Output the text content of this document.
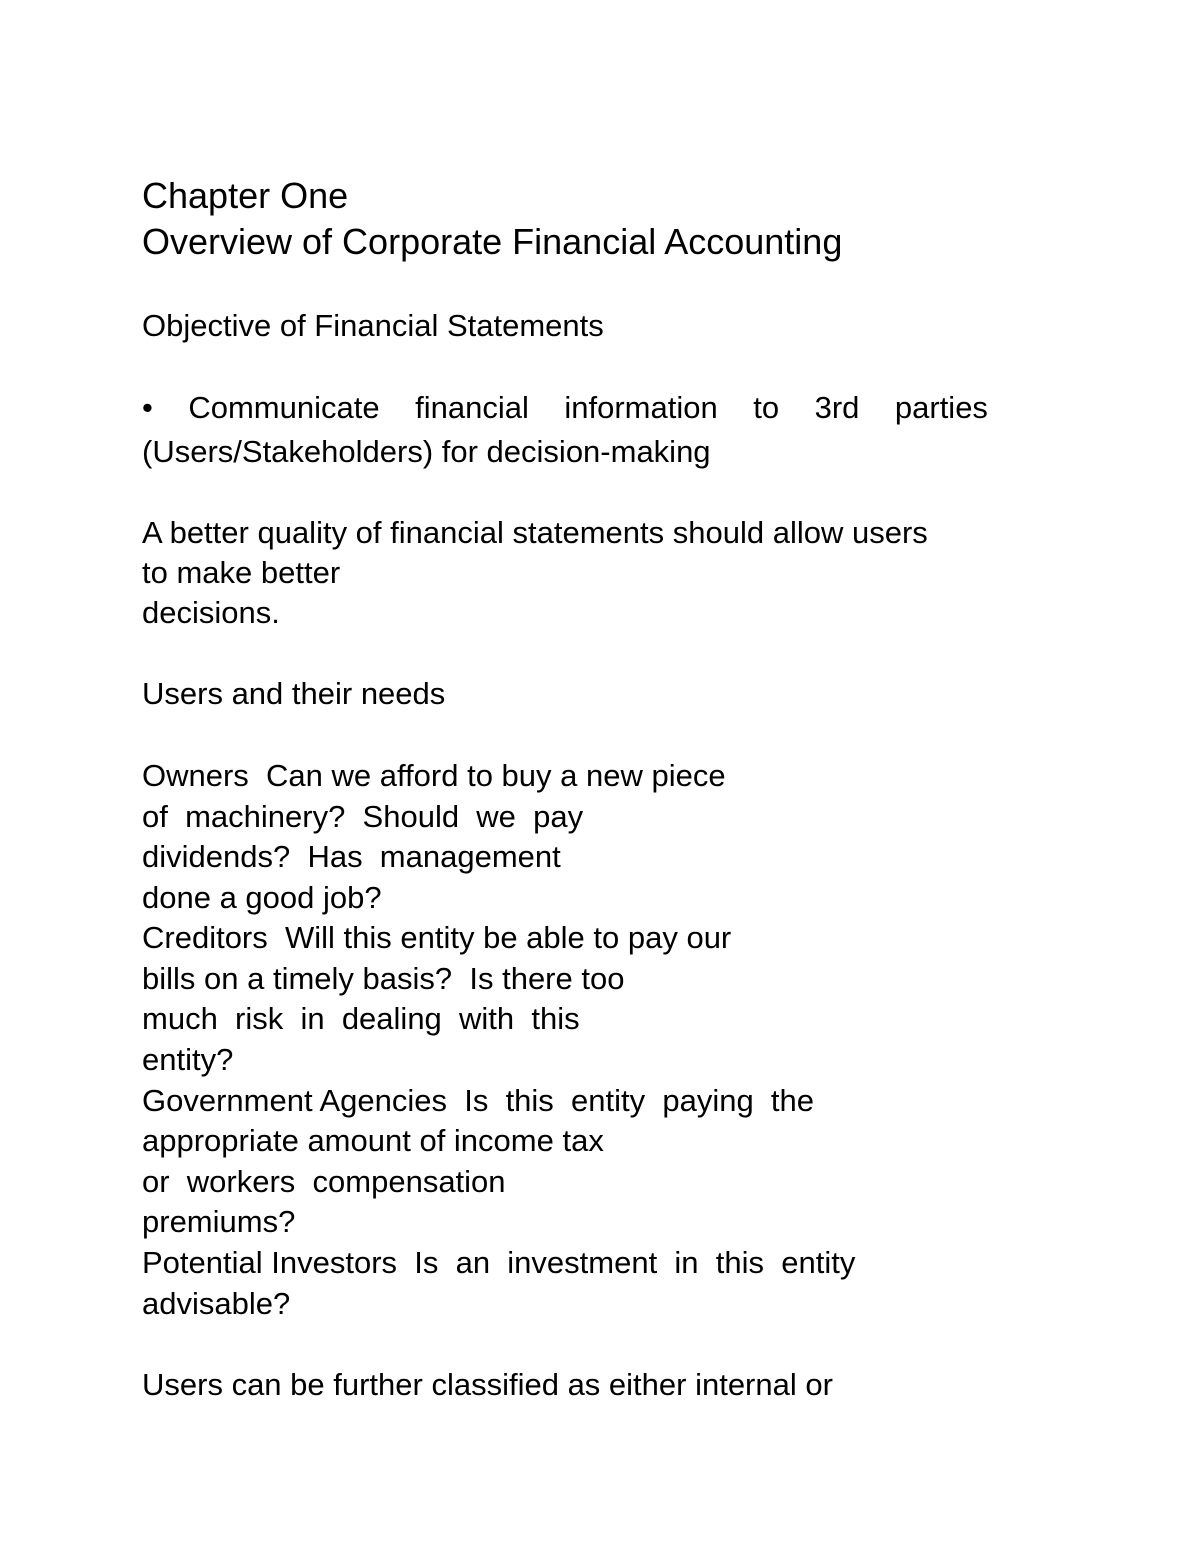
Chapter One
Overview of Corporate Financial Accounting
Objective of Financial Statements
• Communicate financial information to 3rd parties
(Users/Stakeholders) for decision-making
A better quality of financial statements should allow users
to make better
decisions.
Users and their needs
Owners  Can we afford to buy a new piece
of  machinery?  Should  we  pay
dividends?  Has  management
done a good job?
Creditors  Will this entity be able to pay our
bills on a timely basis?  Is there too
much  risk  in  dealing  with  this
entity?
Government Agencies  Is  this  entity  paying  the
appropriate amount of income tax
or  workers  compensation
premiums?
Potential Investors  Is  an  investment  in  this  entity
advisable?
Users can be further classified as either internal or
